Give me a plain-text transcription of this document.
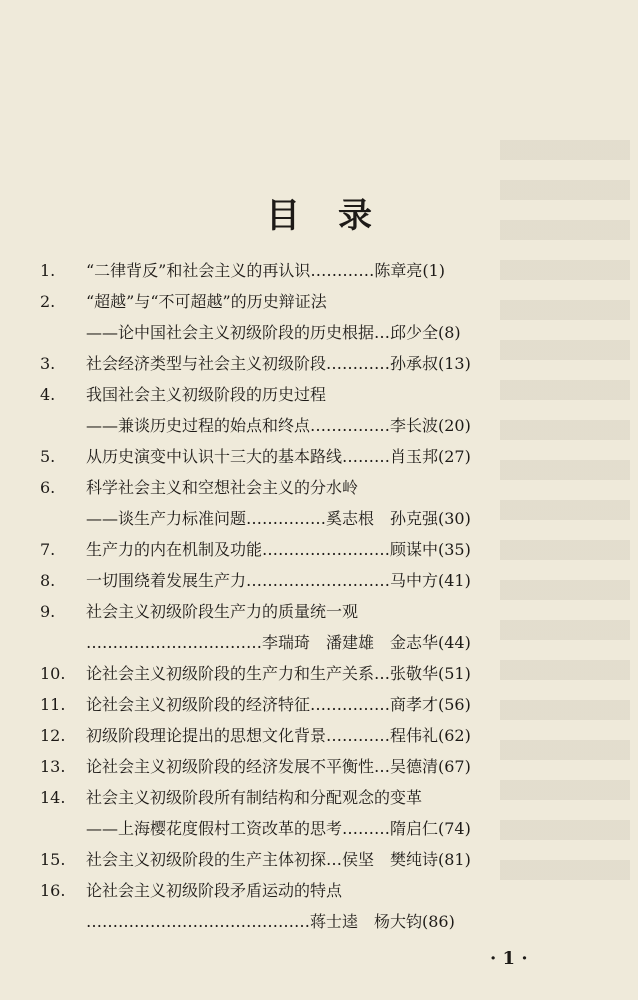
目录
1.	“二律背反”和社会主义的再认识…………陈章亮(1)
2.	“超越”与“不可超越”的历史辩证法
——论中国社会主义初级阶段的历史根据…邱少全(8)
3.	社会经济类型与社会主义初级阶段…………孙承叔(13)
4.	我国社会主义初级阶段的历史过程
——兼谈历史过程的始点和终点……………李长波(20)
5.	从历史演变中认识十三大的基本路线………肖玉邦(27)
6.	科学社会主义和空想社会主义的分水岭
——谈生产力标准问题……………奚志根　孙克强(30)
7.	生产力的内在机制及功能……………………顾谋中(35)
8.	一切围绕着发展生产力………………………马中方(41)
9.	社会主义初级阶段生产力的质量统一观
……………………………李瑞琦　潘建雄　金志华(44)
10.	论社会主义初级阶段的生产力和生产关系…张敬华(51)
11.	论社会主义初级阶段的经济特征……………商孝才(56)
12.	初级阶段理论提出的思想文化背景…………程伟礼(62)
13.	论社会主义初级阶段的经济发展不平衡性…吴德清(67)
14.	社会主义初级阶段所有制结构和分配观念的变革
——上海樱花度假村工资改革的思考………隋启仁(74)
15.	社会主义初级阶段的生产主体初探…侯坚　樊纯诗(81)
16.	论社会主义初级阶段矛盾运动的特点
……………………………………蒋士逵　杨大钧(86)
· 1 ·
